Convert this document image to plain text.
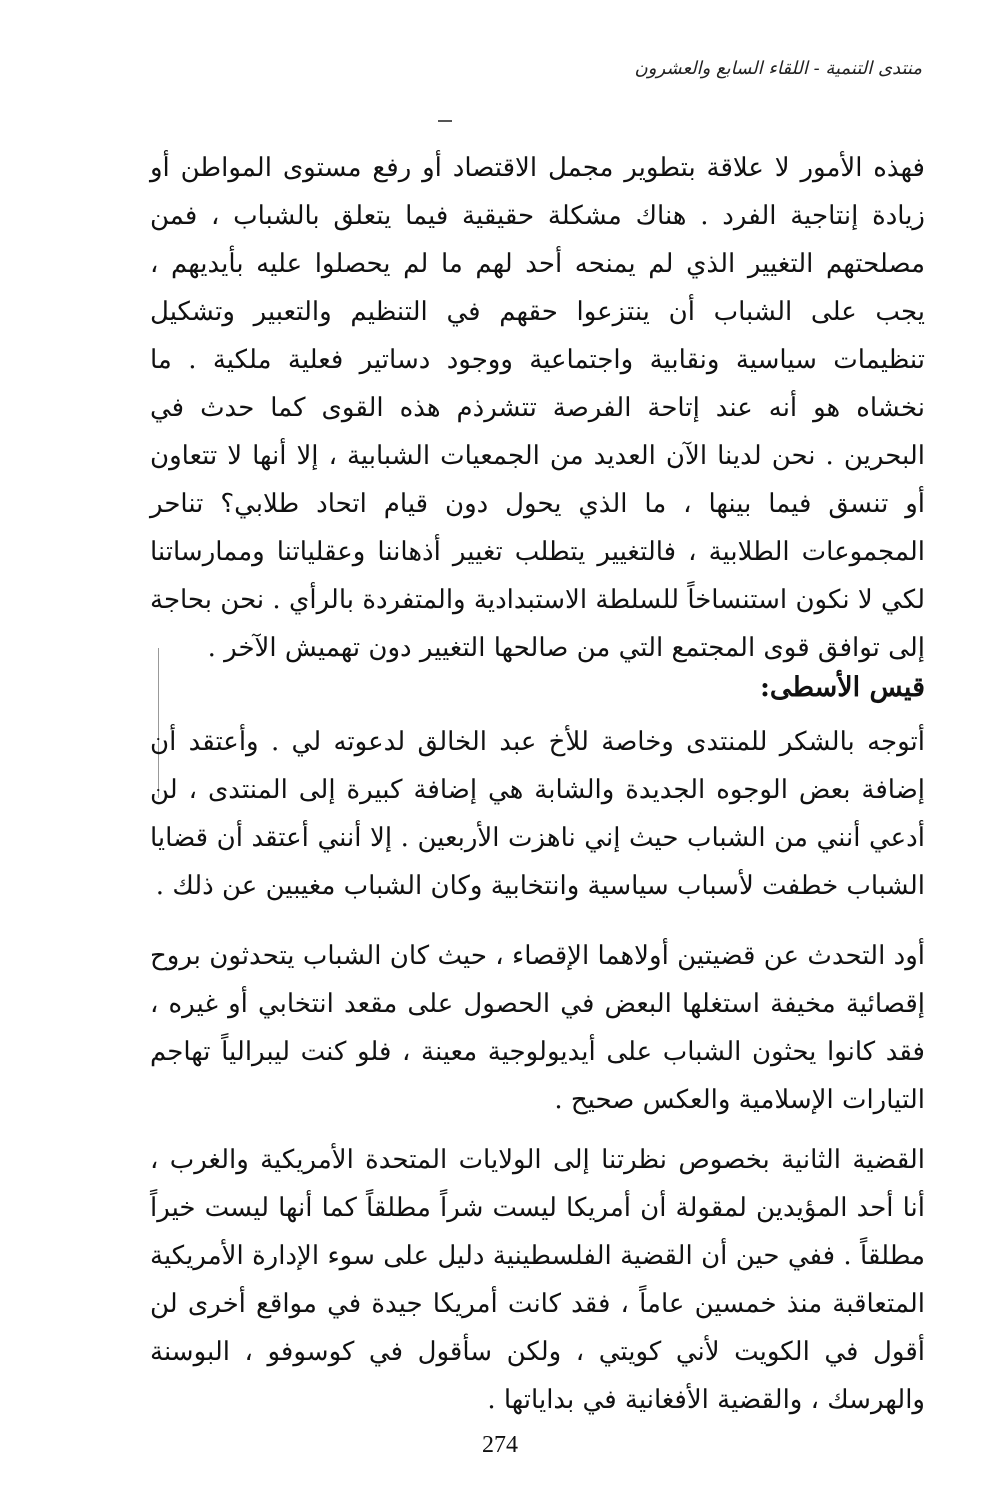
منتدى التنمية - اللقاء السابع والعشرون

فهذه الأمور لا علاقة بتطوير مجمل الاقتصاد أو رفع مستوى المواطن أو زيادة إنتاجية الفرد . هناك مشكلة حقيقية فيما يتعلق بالشباب ، فمن مصلحتهم التغيير الذي لم يمنحه أحد لهم ما لم يحصلوا عليه بأيديهم ، يجب على الشباب أن ينتزعوا حقهم في التنظيم والتعبير وتشكيل تنظيمات سياسية ونقابية واجتماعية ووجود دساتير فعلية ملكية . ما نخشاه هو أنه عند إتاحة الفرصة تتشرذم هذه القوى كما حدث في البحرين . نحن لدينا الآن العديد من الجمعيات الشبابية ، إلا أنها لا تتعاون أو تنسق فيما بينها ، ما الذي يحول دون قيام اتحاد طلابي؟ تناحر المجموعات الطلابية ، فالتغيير يتطلب تغيير أذهاننا وعقلياتنا وممارساتنا لكي لا نكون استنساخاً للسلطة الاستبدادية والمتفردة بالرأي . نحن بحاجة إلى توافق قوى المجتمع التي من صالحها التغيير دون تهميش الآخر .

قيس الأسطى:

أتوجه بالشكر للمنتدى وخاصة للأخ عبد الخالق لدعوته لي . وأعتقد أن إضافة بعض الوجوه الجديدة والشابة هي إضافة كبيرة إلى المنتدى ، لن أدعي أنني من الشباب حيث إني ناهزت الأربعين . إلا أنني أعتقد أن قضايا الشباب خطفت لأسباب سياسية وانتخابية وكان الشباب مغيبين عن ذلك .

أود التحدث عن قضيتين أولاهما الإقصاء ، حيث كان الشباب يتحدثون بروح إقصائية مخيفة استغلها البعض في الحصول على مقعد انتخابي أو غيره ، فقد كانوا يحثون الشباب على أيديولوجية معينة ، فلو كنت ليبرالياً تهاجم التيارات الإسلامية والعكس صحيح .

القضية الثانية بخصوص نظرتنا إلى الولايات المتحدة الأمريكية والغرب ، أنا أحد المؤيدين لمقولة أن أمريكا ليست شراً مطلقاً كما أنها ليست خيراً مطلقاً . ففي حين أن القضية الفلسطينية دليل على سوء الإدارة الأمريكية المتعاقبة منذ خمسين عاماً ، فقد كانت أمريكا جيدة في مواقع أخرى لن أقول في الكويت لأني كويتي ، ولكن سأقول في كوسوفو ، البوسنة والهرسك ، والقضية الأفغانية في بداياتها .

274
